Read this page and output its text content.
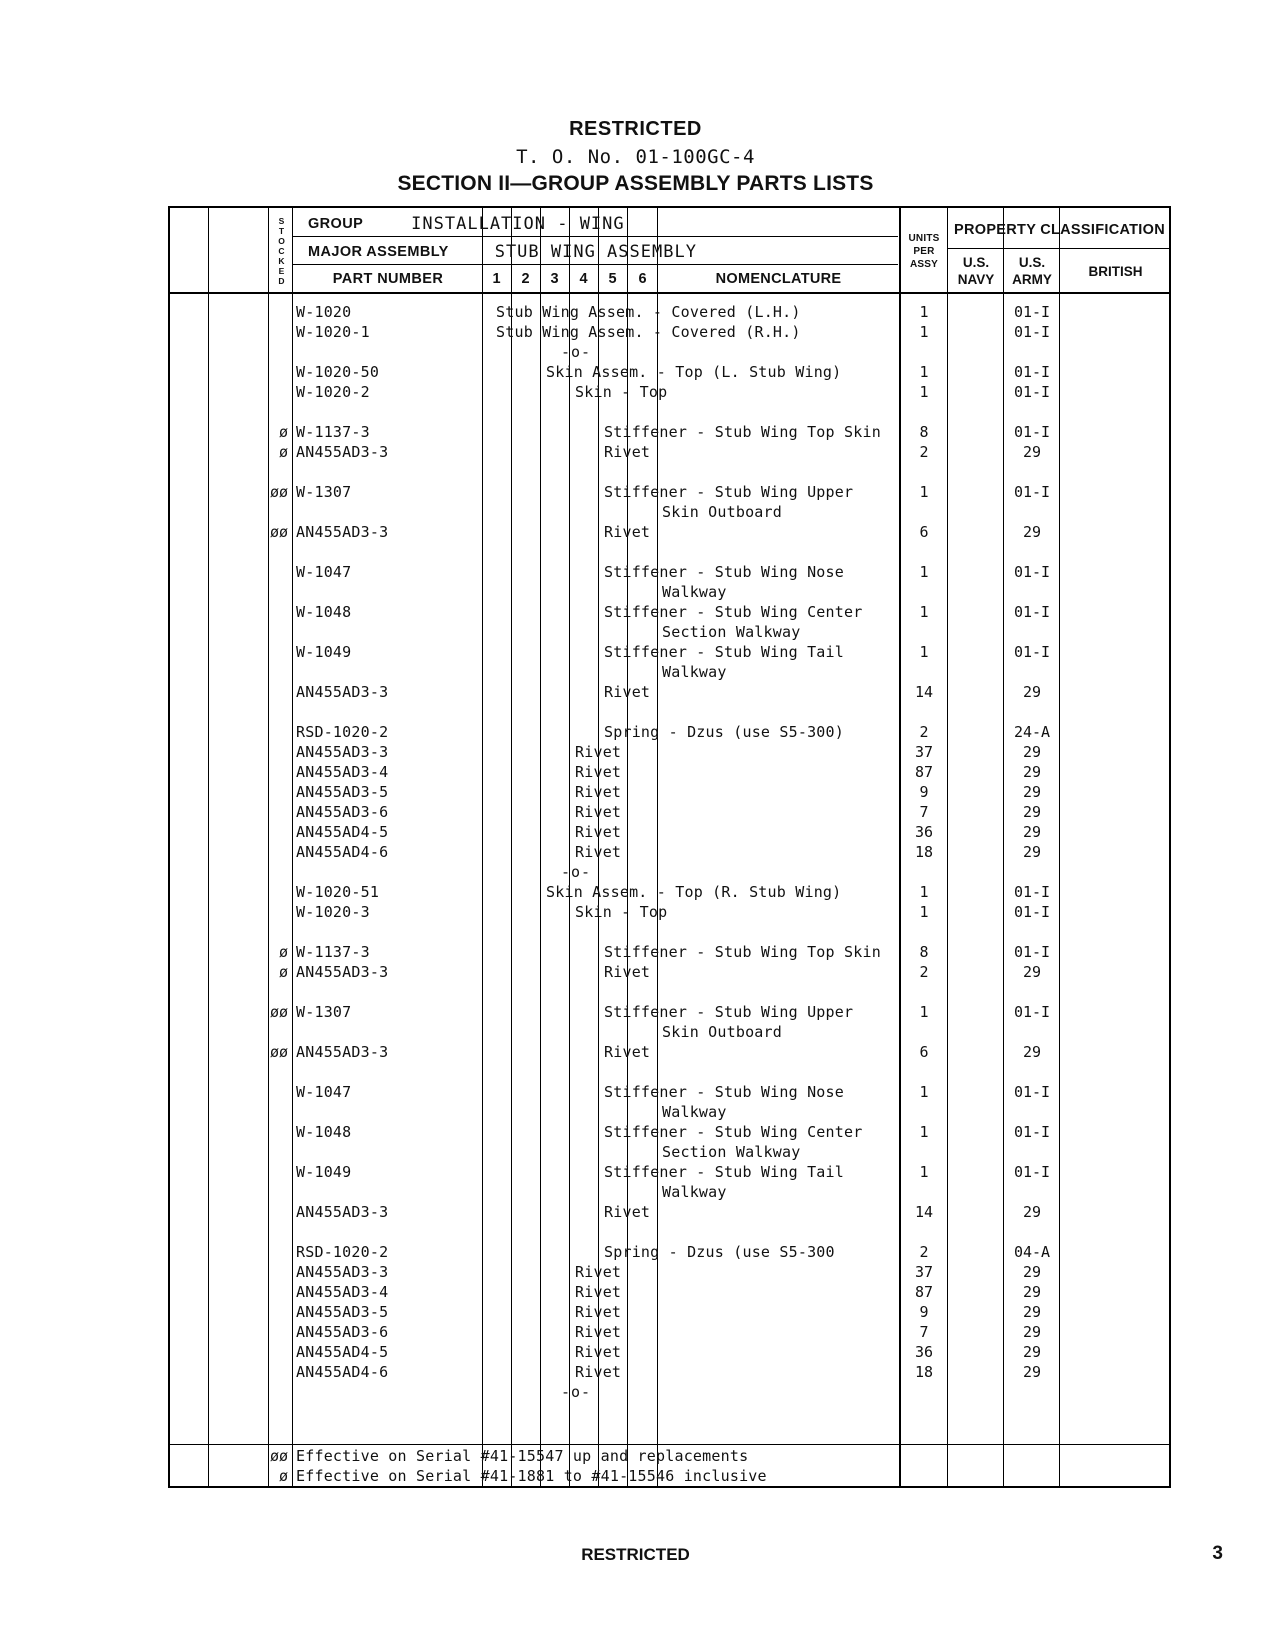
RESTRICTED
T. O. No. 01-100GC-4
SECTION II—GROUP ASSEMBLY PARTS LISTS
S
T
O
C
K
E
D
GROUP	INSTALLATION - WING
MAJOR ASSEMBLY	STUB WING ASSEMBLY
PART NUMBER	1	2	3	4	5	6	NOMENCLATURE
UNITS
PER
ASSY
PROPERTY CLASSIFICATION
U.S.
NAVY
U.S.
ARMY
BRITISH
W-1020	Stub Wing Assem. - Covered (L.H.)	1	01-I
W-1020-1	Stub Wing Assem. - Covered (R.H.)	1	01-I
-o-
W-1020-50	Skin Assem. - Top (L. Stub Wing)	1	01-I
W-1020-2	Skin - Top	1	01-I
ø W-1137-3	Stiffener - Stub Wing Top Skin	8	01-I
ø AN455AD3-3	Rivet	2	29
øø W-1307	Stiffener - Stub Wing Upper	1	01-I
Skin Outboard
øø AN455AD3-3	Rivet	6	29
W-1047	Stiffener - Stub Wing Nose	1	01-I
Walkway
W-1048	Stiffener - Stub Wing Center	1	01-I
Section Walkway
W-1049	Stiffener - Stub Wing Tail	1	01-I
Walkway
AN455AD3-3	Rivet	14	29
RSD-1020-2	Spring - Dzus (use S5-300)	2	24-A
AN455AD3-3	Rivet	37	29
AN455AD3-4	Rivet	87	29
AN455AD3-5	Rivet	9	29
AN455AD3-6	Rivet	7	29
AN455AD4-5	Rivet	36	29
AN455AD4-6	Rivet	18	29
-o-
W-1020-51	Skin Assem. - Top (R. Stub Wing)	1	01-I
W-1020-3	Skin - Top	1	01-I
ø W-1137-3	Stiffener - Stub Wing Top Skin	8	01-I
ø AN455AD3-3	Rivet	2	29
øø W-1307	Stiffener - Stub Wing Upper	1	01-I
Skin Outboard
øø AN455AD3-3	Rivet	6	29
W-1047	Stiffener - Stub Wing Nose	1	01-I
Walkway
W-1048	Stiffener - Stub Wing Center	1	01-I
Section Walkway
W-1049	Stiffener - Stub Wing Tail	1	01-I
Walkway
AN455AD3-3	Rivet	14	29
RSD-1020-2	Spring - Dzus (use S5-300	2	04-A
AN455AD3-3	Rivet	37	29
AN455AD3-4	Rivet	87	29
AN455AD3-5	Rivet	9	29
AN455AD3-6	Rivet	7	29
AN455AD4-5	Rivet	36	29
AN455AD4-6	Rivet	18	29
-o-
øø Effective on Serial #41-15547 up and replacements
ø Effective on Serial #41-1881 to #41-15546 inclusive
RESTRICTED	3
